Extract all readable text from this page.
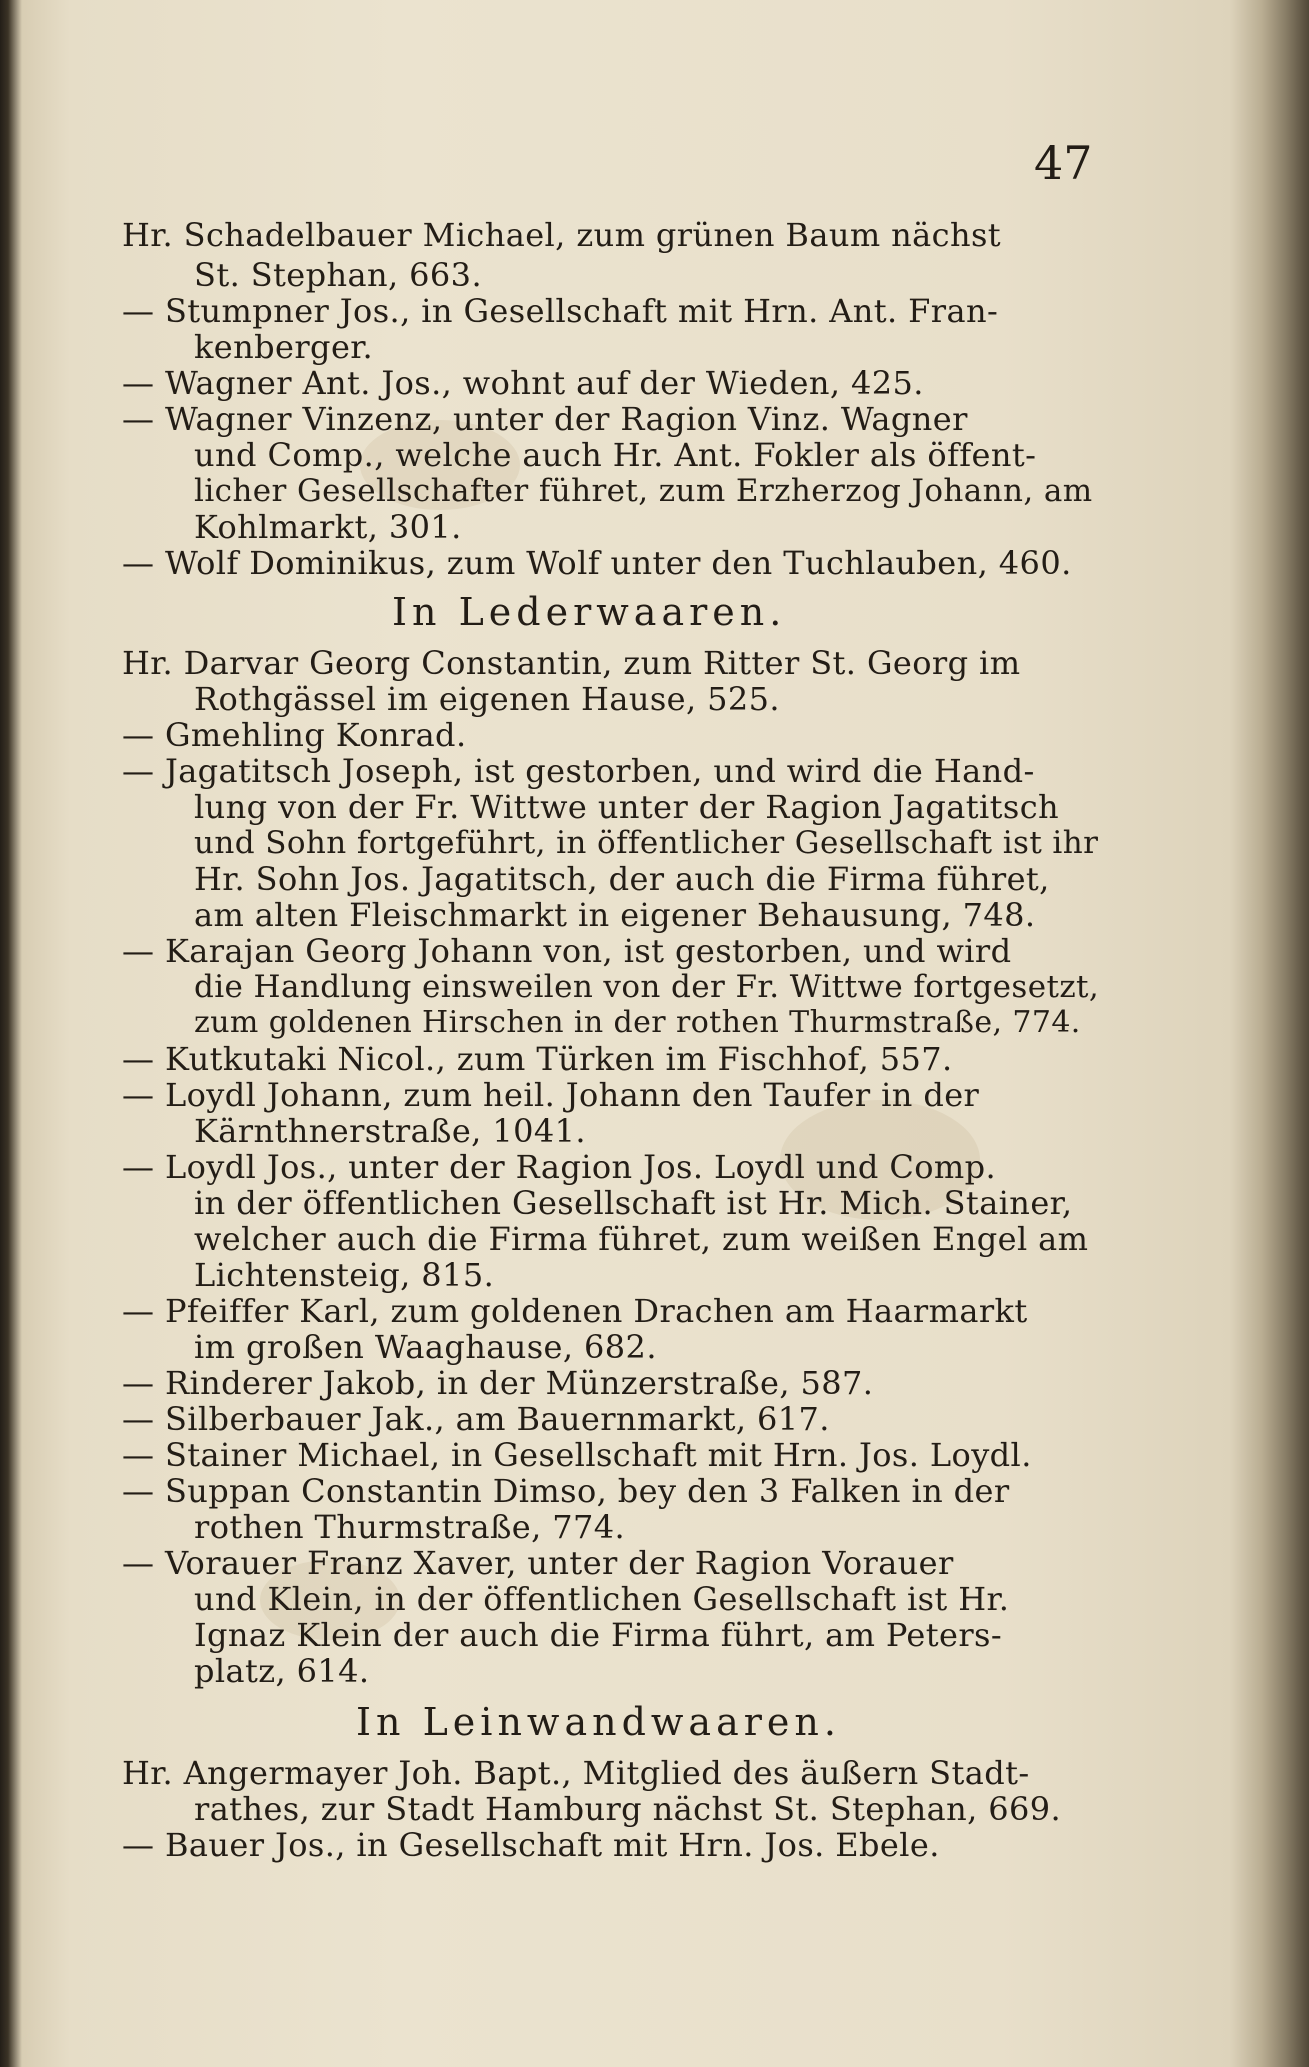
47
Hr. Schadelbauer Michael, zum grünen Baum nächst
St. Stephan, 663.
— Stumpner Jos., in Gesellschaft mit Hrn. Ant. Fran-
kenberger.
— Wagner Ant. Jos., wohnt auf der Wieden, 425.
— Wagner Vinzenz, unter der Ragion Vinz. Wagner
und Comp., welche auch Hr. Ant. Fokler als öffent-
licher Gesellschafter führet, zum Erzherzog Johann, am
Kohlmarkt, 301.
— Wolf Dominikus, zum Wolf unter den Tuchlauben, 460.
In Lederwaaren.
Hr. Darvar Georg Constantin, zum Ritter St. Georg im
Rothgässel im eigenen Hause, 525.
— Gmehling Konrad.
— Jagatitsch Joseph, ist gestorben, und wird die Hand-
lung von der Fr. Wittwe unter der Ragion Jagatitsch
und Sohn fortgeführt, in öffentlicher Gesellschaft ist ihr
Hr. Sohn Jos. Jagatitsch, der auch die Firma führet,
am alten Fleischmarkt in eigener Behausung, 748.
— Karajan Georg Johann von, ist gestorben, und wird
die Handlung einsweilen von der Fr. Wittwe fortgesetzt,
zum goldenen Hirschen in der rothen Thurmstraße, 774.
— Kutkutaki Nicol., zum Türken im Fischhof, 557.
— Loydl Johann, zum heil. Johann den Taufer in der
Kärnthnerstraße, 1041.
— Loydl Jos., unter der Ragion Jos. Loydl und Comp.
in der öffentlichen Gesellschaft ist Hr. Mich. Stainer,
welcher auch die Firma führet, zum weißen Engel am
Lichtensteig, 815.
— Pfeiffer Karl, zum goldenen Drachen am Haarmarkt
im großen Waaghause, 682.
— Rinderer Jakob, in der Münzerstraße, 587.
— Silberbauer Jak., am Bauernmarkt, 617.
— Stainer Michael, in Gesellschaft mit Hrn. Jos. Loydl.
— Suppan Constantin Dimso, bey den 3 Falken in der
rothen Thurmstraße, 774.
— Vorauer Franz Xaver, unter der Ragion Vorauer
und Klein, in der öffentlichen Gesellschaft ist Hr.
Ignaz Klein der auch die Firma führt, am Peters-
platz, 614.
In Leinwandwaaren.
Hr. Angermayer Joh. Bapt., Mitglied des äußern Stadt-
rathes, zur Stadt Hamburg nächst St. Stephan, 669.
— Bauer Jos., in Gesellschaft mit Hrn. Jos. Ebele.
